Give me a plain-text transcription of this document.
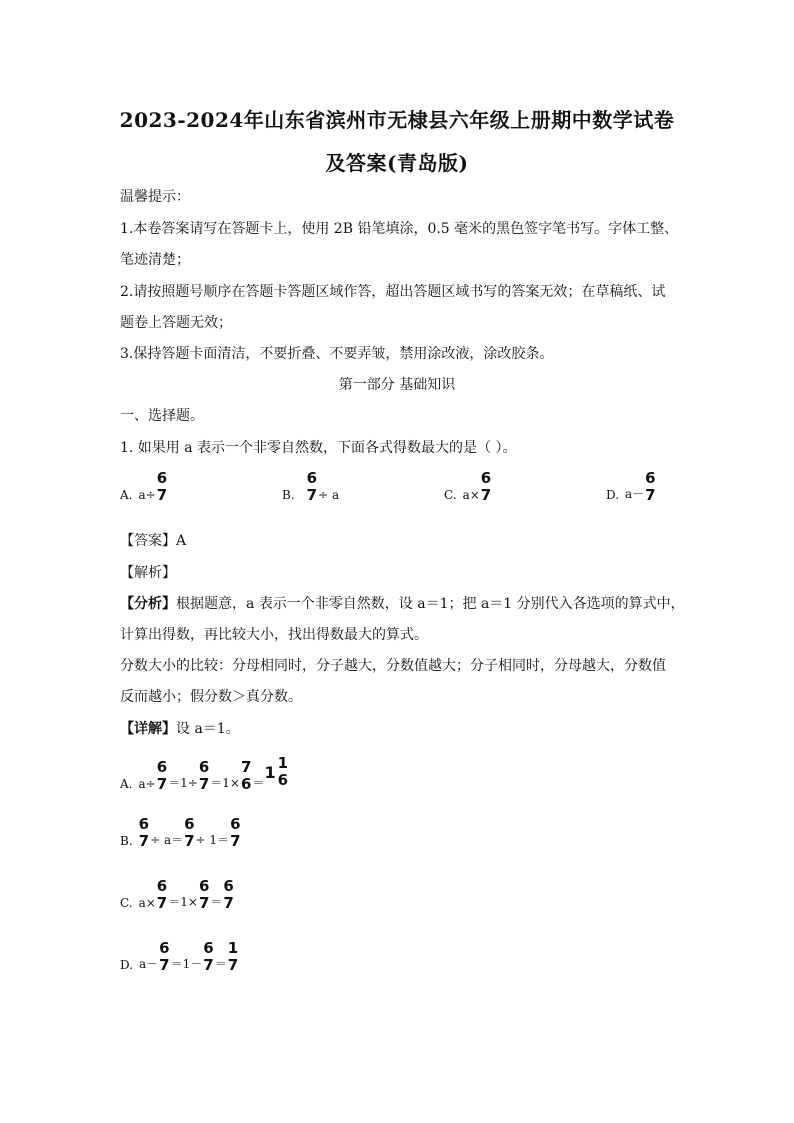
2023-2024年山东省滨州市无棣县六年级上册期中数学试卷
及答案(青岛版)
温馨提示：
1.本卷答案请写在答题卡上，使用 2B 铅笔填涂，0.5 毫米的黑色签字笔书写。字体工整、
笔迹清楚；
2.请按照题号顺序在答题卡答题区域作答，超出答题区域书写的答案无效；在草稿纸、试
题卷上答题无效；
3.保持答题卡面清洁，不要折叠、不要弄皱，禁用涂改液，涂改胶条。
第一部分 基础知识
一、选择题。
1. 如果用 a 表示一个非零自然数，下面各式得数最大的是（ ）。
A. a÷
6
7	B.
6
7 ÷ a	C. a×
6
7	D. a－
6
7
【答案】A
【解析】
【分析】根据题意，a 表示一个非零自然数，设 a＝1；把 a＝1 分别代入各选项的算式中，
计算出得数，再比较大小，找出得数最大的算式。
分数大小的比较：分母相同时，分子越大，分数值越大；分子相同时，分母越大，分数值
反而越小；假分数＞真分数。
【详解】设 a＝1。
A. a÷
6
7 ＝1÷
6
7 ＝1×
7
6 ＝
1 1
6
B.
6
7 ÷ a＝
6
7 ÷ 1＝
6
7
C. a×
6
7 ＝1×
6
7 ＝
6
7
D. a－
6
7 ＝1－
6
7 ＝
1
7
